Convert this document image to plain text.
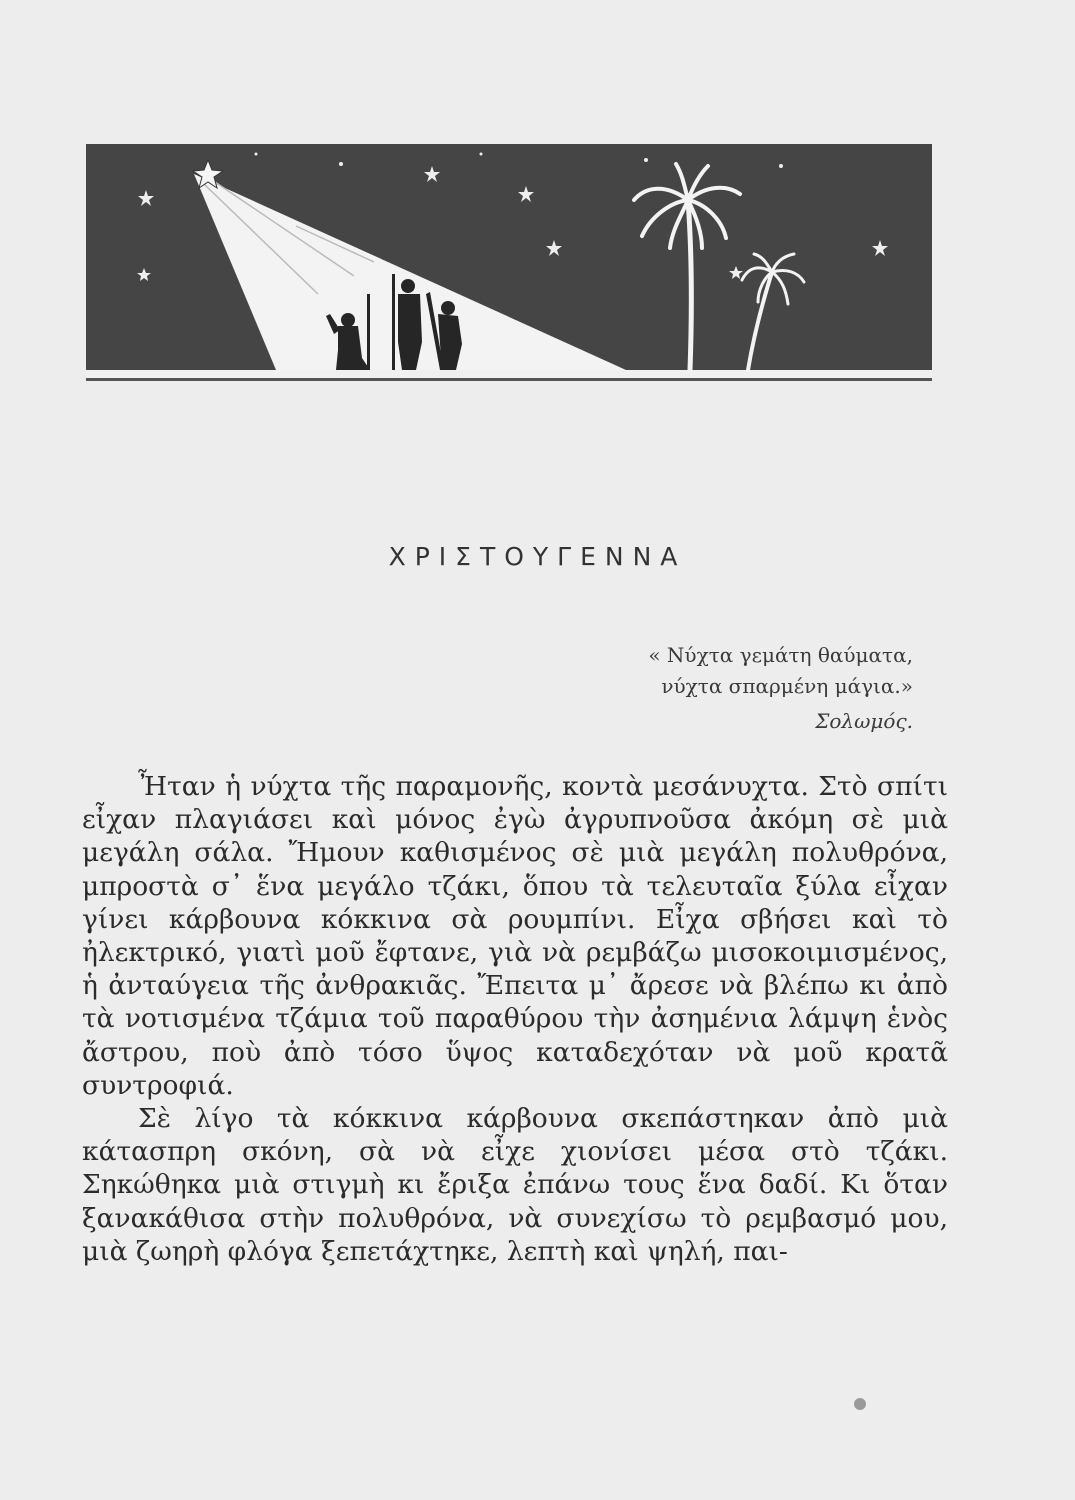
ΧΡΙΣΤΟΥΓΕΝΝΑ
« Νύχτα γεμάτη θαύματα,
νύχτα σπαρμένη μάγια.»
Σολωμός.

Ἦταν ἡ νύχτα τῆς παραμονῆς, κοντὰ μεσάνυχτα. Στὸ σπίτι εἶχαν πλαγιάσει καὶ μόνος ἐγὼ ἀγρυπνοῦσα ἀκόμη σὲ μιὰ μεγάλη σάλα. Ἤμουν καθισμένος σὲ μιὰ μεγάλη πολυθρόνα, μπροστὰ σ᾿ ἕνα μεγάλο τζάκι, ὅπου τὰ τελευταῖα ξύλα εἶχαν γίνει κάρβουνα κόκκινα σὰ ρουμπίνι. Εἶχα σβήσει καὶ τὸ ἠλεκτρικό, γιατὶ μοῦ ἔφτανε, γιὰ νὰ ρεμβάζω μισοκοιμισμένος, ἡ ἀνταύγεια τῆς ἀνθρακιᾶς. Ἔπειτα μ᾿ ἄρεσε νὰ βλέπω κι ἀπὸ τὰ νοτισμένα τζάμια τοῦ παραθύρου τὴν ἀσημένια λάμψη ἑνὸς ἄστρου, ποὺ ἀπὸ τόσο ὕψος καταδεχόταν νὰ μοῦ κρατᾶ συντροφιά.

Σὲ λίγο τὰ κόκκινα κάρβουνα σκεπάστηκαν ἀπὸ μιὰ κάτασπρη σκόνη, σὰ νὰ εἶχε χιονίσει μέσα στὸ τζάκι. Σηκώθηκα μιὰ στιγμὴ κι ἔριξα ἐπάνω τους ἕνα δαδί. Κι ὅταν ξανακάθισα στὴν πολυθρόνα, νὰ συνεχίσω τὸ ρεμβασμό μου, μιὰ ζωηρὴ φλόγα ξεπετάχτηκε, λεπτὴ καὶ ψηλή, παι-
